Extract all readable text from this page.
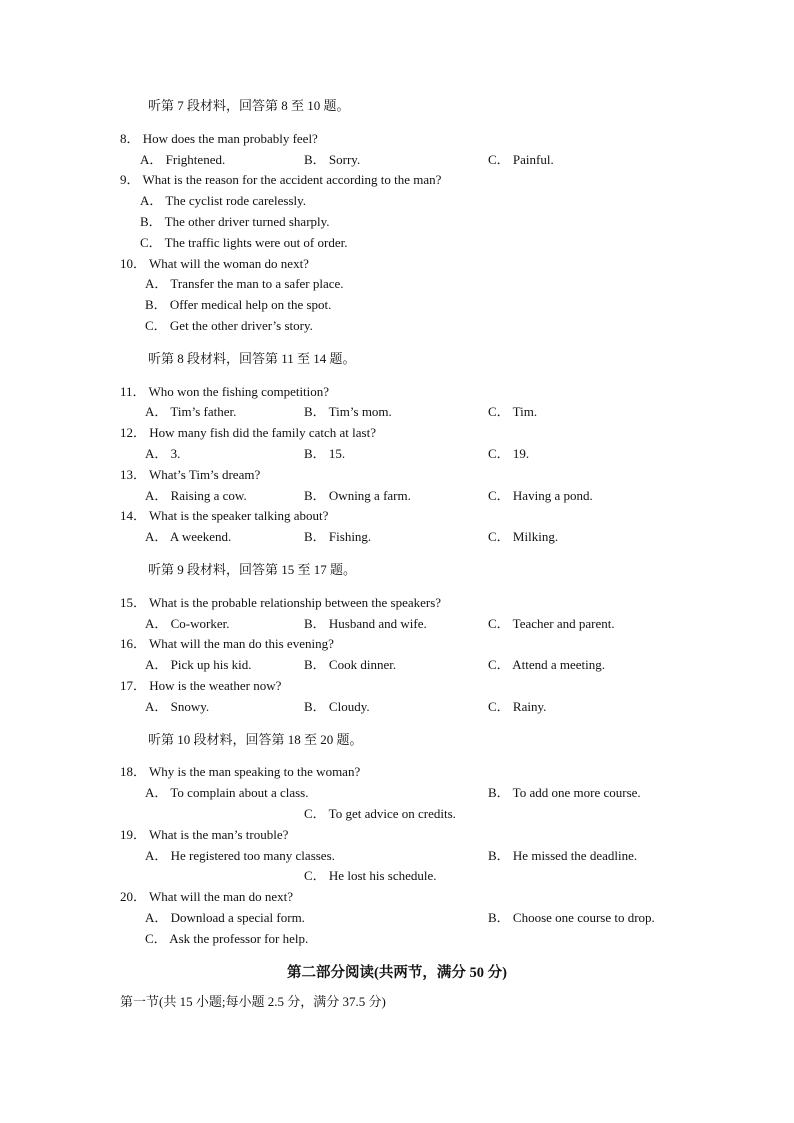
第二部分阅读(共两节，满分 50 分)
第一节(共 15 小题;每小题 2.5 分，满分 37.5 分)
听第 7 段材料，回答第 8 至 10 题。
8． How does the man probably feel?
A． Frightened.	B． Sorry.	C． Painful.
9． What is the reason for the accident according to the man?
A． The cyclist rode carelessly.
B． The other driver turned sharply.
C． The traffic lights were out of order.
10． What will the woman do next?
A． Transfer the man to a safer place.
B． Offer medical help on the spot.
C． Get the other driver’s story.
听第 8 段材料，回答第 11 至 14 题。
11． Who won the fishing competition?
A． Tim’s father.	B． Tim’s mom.	C． Tim.
12． How many fish did the family catch at last?
A． 3.	B． 15.	C． 19.
13． What’s Tim’s dream?
A． Raising a cow.	B． Owning a farm.	C． Having a pond.
14． What is the speaker talking about?
A． A weekend.	B． Fishing.	C． Milking.
听第 9 段材料，回答第 15 至 17 题。
15． What is the probable relationship between the speakers?
A． Co-worker.	B． Husband and wife.	C． Teacher and parent.
16． What will the man do this evening?
A． Pick up his kid.	B． Cook dinner.	C． Attend a meeting.
17． How is the weather now?
A． Snowy.	B． Cloudy.	C． Rainy.
听第 10 段材料，回答第 18 至 20 题。
18． Why is the man speaking to the woman?
A． To complain about a class.	B． To add one more course.
C． To get advice on credits.
19． What is the man’s trouble?
A． He registered too many classes.	B． He missed the deadline.
C． He lost his schedule.
20． What will the man do next?
A． Download a special form.	B． Choose one course to drop.
C． Ask the professor for help.
